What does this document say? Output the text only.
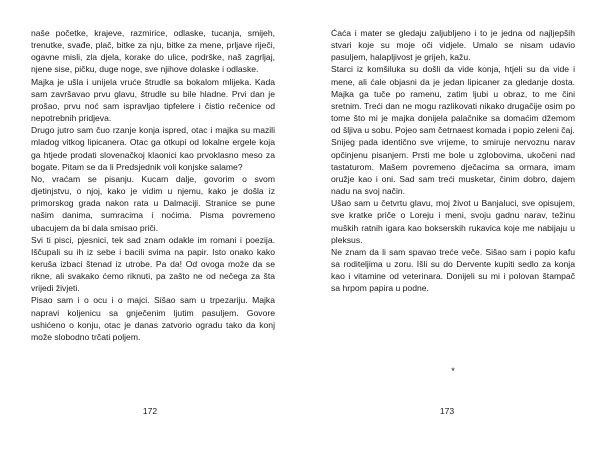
naše početke, krajeve, razmirice, odlaske, tucanja, smijeh, trenutke, svađe, plač, bitke za nju, bitke za mene, prljave riječi, ogavne misli, zla djela, korake do ulice, podrške, naš zagrljaj, njene sise, pičku, duge noge, sve njihove dolaske i odlaske.

Majka je ušla i unijela vruće štrudle sa bokalom mlijeka. Kada sam završavao prvu glavu, štrudle su bile hladne. Prvi dan je prošao, prvu noć sam ispravljao tipfelere i čistio rečenice od nepotrebnih pridjeva.

Drugo jutro sam čuo rzanje konja ispred, otac i majka su mazili mladog vitkog lipicanera. Otac ga otkupi od lokalne ergele koja ga htjede prodati slovenačkoj klaonici kao prvoklasno meso za bogate. Pitam se da li Predsjednik voli konjske salame?

No, vraćam se pisanju. Kucam dalje, govorim o svom djetinjstvu, o njoj, kako je vidim u njemu, kako je došla iz primorskog grada nakon rata u Dalmaciji. Stranice se pune našim danima, sumracima i noćima. Pisma povremeno ubacujem da bi dala smisao priči.

Svi ti pisci, pjesnici, tek sad znam odakle im romani i poezija. Iščupali su ih iz sebe i bacili svima na papir. Isto onako kako keruša izbaci štenad iz utrobe. Pa da! Od ovoga može da se rikne, ali svakako ćemo riknuti, pa zašto ne od nečega za šta vrijedi živjeti.

Pisao sam i o ocu i o majci. Sišao sam u trpezariju. Majka napravi koljenicu sa gnječenim ljutim pasuljem. Govore ushićeno o konju, otac je danas zatvorio ogradu tako da konj može slobodno trčati poljem.

172

Ćaća i mater se gledaju zaljubljeno i to je jedna od najljepših stvari koje su moje oči vidjele. Umalo se nisam udavio pasuljem, halapljivost je grijeh, kažu.

Starci iz komšiluka su došli da vide konja, htjeli su da vide i mene, ali ćale objasni da je jedan lipicaner za gledanje dosta. Majka ga tuče po ramenu, zatim ljubi u obraz, to me čini sretnim. Treći dan ne mogu razlikovati nikako drugačije osim po tome što mi je majka donijela palačnike sa domaćim džemom od šljiva u sobu. Pojeo sam četrnaest komada i popio zeleni čaj.

Snijeg pada identično sve vrijeme, to smiruje nervoznu narav opčinjenu pisanjem. Prsti me bole u zglobovima, ukočeni nad tastaturom. Mašem povremeno dječacima sa ormara, imam oružje kao i oni. Sad sam treći musketar, činim dobro, dajem nadu na svoj način.

Ušao sam u četvrtu glavu, moj život u Banjaluci, sve opisujem, sve kratke priče o Loreju i meni, svoju gadnu narav, težinu muških ratnih igara kao bokserskih rukavica koje me nabijaju u pleksus.

Ne znam da li sam spavao treće veče. Sišao sam i popio kafu sa roditeljima u zoru. Išli su do Dervente kupiti sedlo za konja kao i vitamine od veterinara. Donijeli su mi i polovan štampač sa hrpom papira u podne.

*
173
